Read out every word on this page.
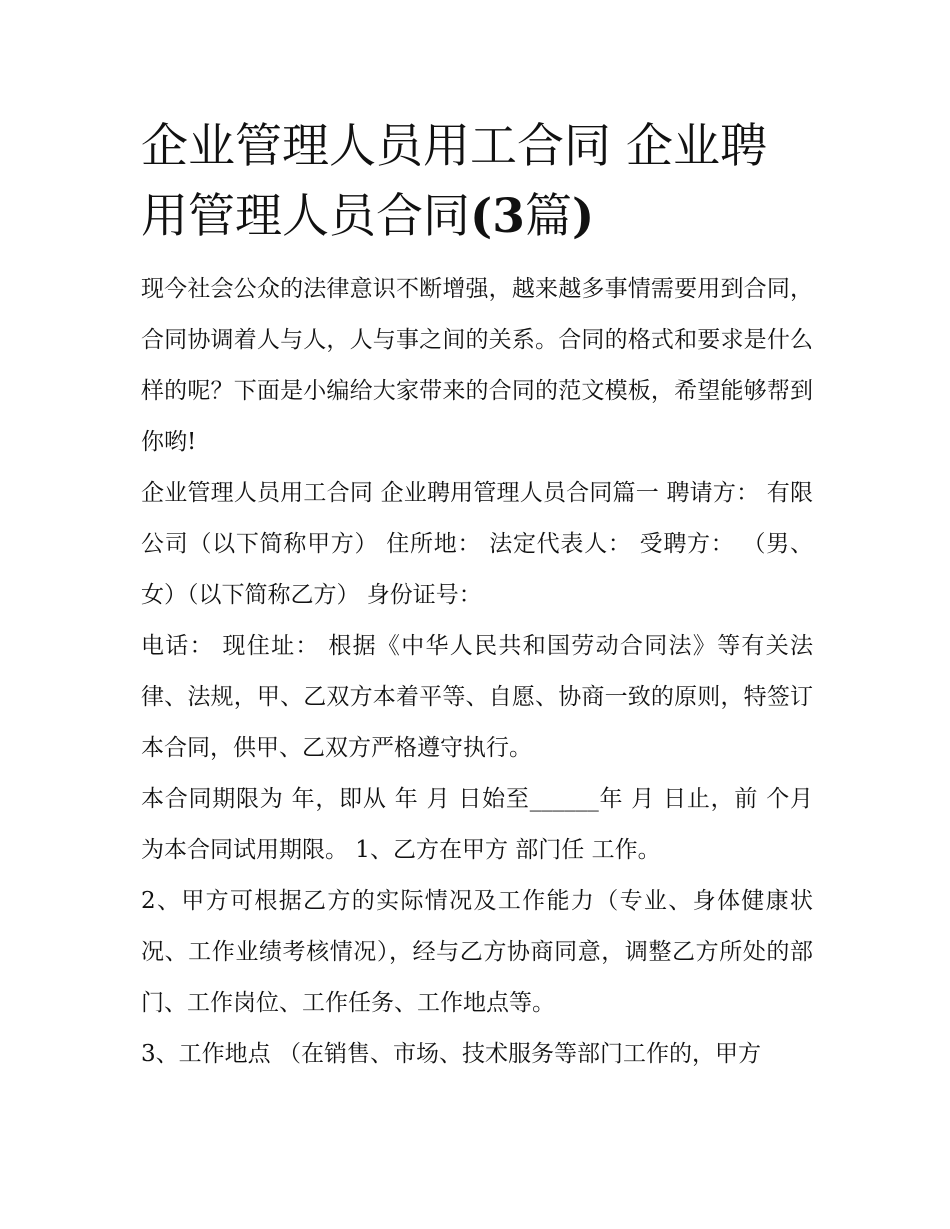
企业管理人员用工合同 企业聘用管理人员合同(3篇)

现今社会公众的法律意识不断增强，越来越多事情需要用到合同，合同协调着人与人，人与事之间的关系。合同的格式和要求是什么样的呢？下面是小编给大家带来的合同的范文模板，希望能够帮到你哟!

企业管理人员用工合同 企业聘用管理人员合同篇一 聘请方： 有限公司（以下简称甲方） 住所地： 法定代表人： 受聘方： （男、女）（以下简称乙方） 身份证号：

电话： 现住址： 根据《中华人民共和国劳动合同法》等有关法律、法规，甲、乙双方本着平等、自愿、协商一致的原则，特签订本合同，供甲、乙双方严格遵守执行。

本合同期限为 年，即从 年 月 日始至______年 月 日止，前 个月为本合同试用期限。 1、乙方在甲方 部门任 工作。

2、甲方可根据乙方的实际情况及工作能力（专业、身体健康状况、工作业绩考核情况），经与乙方协商同意，调整乙方所处的部门、工作岗位、工作任务、工作地点等。

3、工作地点 （在销售、市场、技术服务等部门工作的，甲方
